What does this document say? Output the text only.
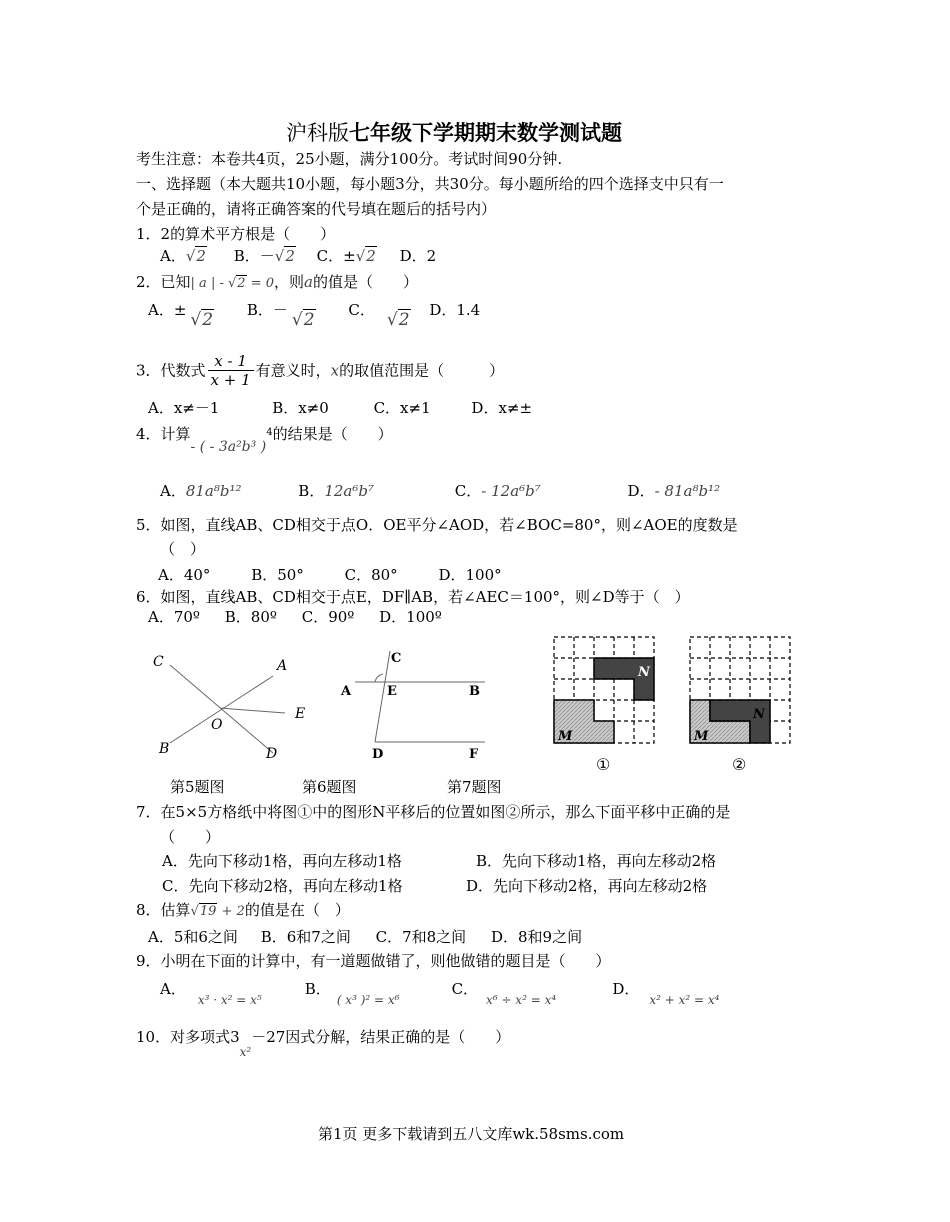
沪科版七年级下学期期末数学测试题
考生注意：本卷共4页，25小题，满分100分。考试时间90分钟.
一、选择题（本大题共10小题，每小题3分，共30分。每小题所给的四个选择支中只有一
个是正确的，请将正确答案的代号填在题后的括号内）
1．2的算术平方根是（　　）
A．√2 B．－√2 C．±√2 D．2
2．已知| a | - √2 = 0，则a的值是（　　）
A．± √2 B．－ √2 C． √2 D．1.4
3．代数式 $\frac{x - 1}{x + 1}$ 有意义时，x的取值范围是（　　　）
A．x≠－1	B．x≠0	C．x≠1	D．x≠±
4．计算- ( - 3a²b³ )$^4$的结果是（　　）
A．81a⁸b¹²	B．12a⁶b⁷	C．- 12a⁶b⁷	D．- 81a⁸b¹²
5．如图，直线AB、CD相交于点O．OE平分∠AOD，若∠BOC=80°，则∠AOE的度数是
（　）
A．40°	B．50°	C．80°	D．100°
6．如图，直线AB、CD相交于点E，DF∥AB，若∠AEC＝100°，则∠D等于（　）
A．70º B．80º C．90º D．100º
C	A
O
E
B	D
C
A	E	B
D	F
M
N
M
N
①	②
第5题图	第6题图	第7题图
7．在5×5方格纸中将图①中的图形N平移后的位置如图②所示，那么下面平移中正确的是
（　　）
A．先向下移动1格，再向左移动1格	B．先向下移动1格，再向左移动2格
C．先向下移动2格，再向左移动1格	D．先向下移动2格，再向左移动2格
8．估算√19 + 2的值是在（　）
A．5和6之间 B．6和7之间 C．7和8之间 D．8和9之间
9．小明在下面的计算中，有一道题做错了，则他做错的题目是（　　）
A．$_{x^3 \cdot x^2 = x^5}$ B．$_{( x^3 )^2 = x^6}$ C．$_{x^6 \div x^2 = x^4}$ D．$_{x^2 + x^2 = x^4}$
10．对多项式$3_{x^2}-27$因式分解，结果正确的是（　　）
第1页 更多下载请到五八文库wk.58sms.com
